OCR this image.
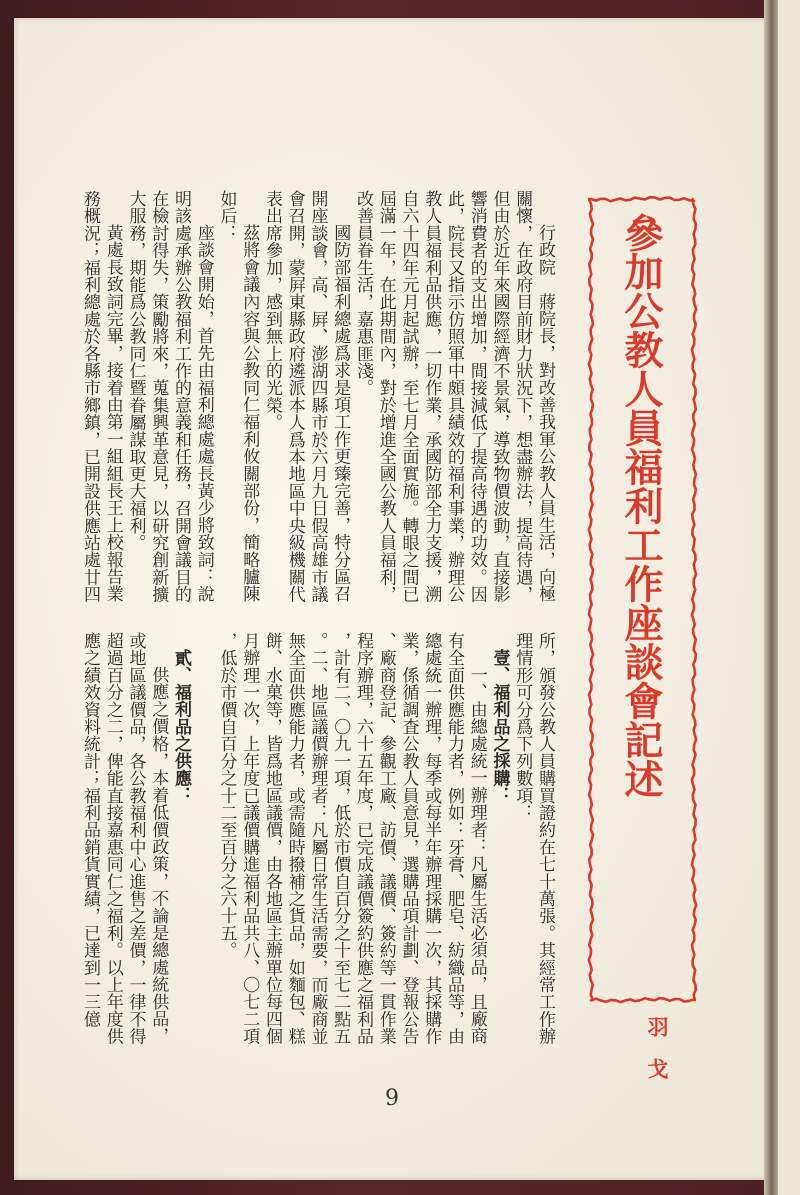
參加公教人員福利工作座談會記述
羽　戈
行政院　蔣院長，對改善我軍公教人員生活，向極
關懷，在政府目前財力狀況下，想盡辦法，提高待遇，
但由於近年來國際經濟不景氣，導致物價波動，直接影
響消費者的支出增加，間接減低了提高待遇的功效。因
此，院長又指示仿照軍中頗具績效的福利事業，辦理公
教人員福利品供應，一切作業，承國防部全力支援，溯
自六十四年元月起試辦，至七月全面實施。轉眼之間已
屆滿一年，在此期間內，對於增進全國公教人員福利，
改善員眷生活，嘉惠匪淺。
國防部福利總處爲求是項工作更臻完善，特分區召
開座談會，高、屛、澎湖四縣市於六月九日假高雄市議
會召開，蒙屛東縣政府遴派本人爲本地區中央級機關代
表出席參加，感到無上的光榮。
茲將會議內容與公教同仁福利攸關部份，簡略臚陳
如后：
座談會開始，首先由福利總處處長黃少將致詞：說
明該處承辦公教福利工作的意義和任務，召開會議目的
在檢討得失，策勵將來，蒐集興革意見，以研究創新擴
大服務，期能爲公教同仁暨眷屬謀取更大福利。
黃處長致詞完畢，接着由第一組組長王上校報告業
務概況；福利總處於各縣市鄉鎮，已開設供應站處廿四
所，頒發公教人員購買證約在七十萬張。其經常工作辦
理情形可分爲下列數項：
壹、福利品之採購：
一、由總處統一辦理者：凡屬生活必須品，且廠商
有全面供應能力者，例如：牙膏、肥皂、紡織品等，由
總處統一辦理，每季或每半年辦理採購一次，其採購作
業，係循調査公教人員意見，選購品項計劃、登報公告
、廠商登記、參觀工廠、訪價、議價、簽約等一貫作業
程序辦理，六十五年度，已完成議價簽約供應之福利品
，計有二、〇九一項，低於市價自百分之十至七二點五
。二、地區議價辦理者：凡屬日常生活需要，而廠商並
無全面供應能力者，或需隨時撥補之貨品，如麵包、糕
餅、水菓等，皆爲地區議價，由各地區主辦單位每四個
月辦理一次，上年度已議價購進福利品共八、〇七二項
，低於市價自百分之十二至百分之六十五。
貳、福利品之供應：
供應之價格，本着低價政策，不論是總處統供品，
或地區議價品，各公教福利中心進售之差價，一律不得
超過百分之二，俾能直接嘉惠同仁之福利。以上年度供
應之績效資料統計；福利品銷貨實績，已達到一三億
9
